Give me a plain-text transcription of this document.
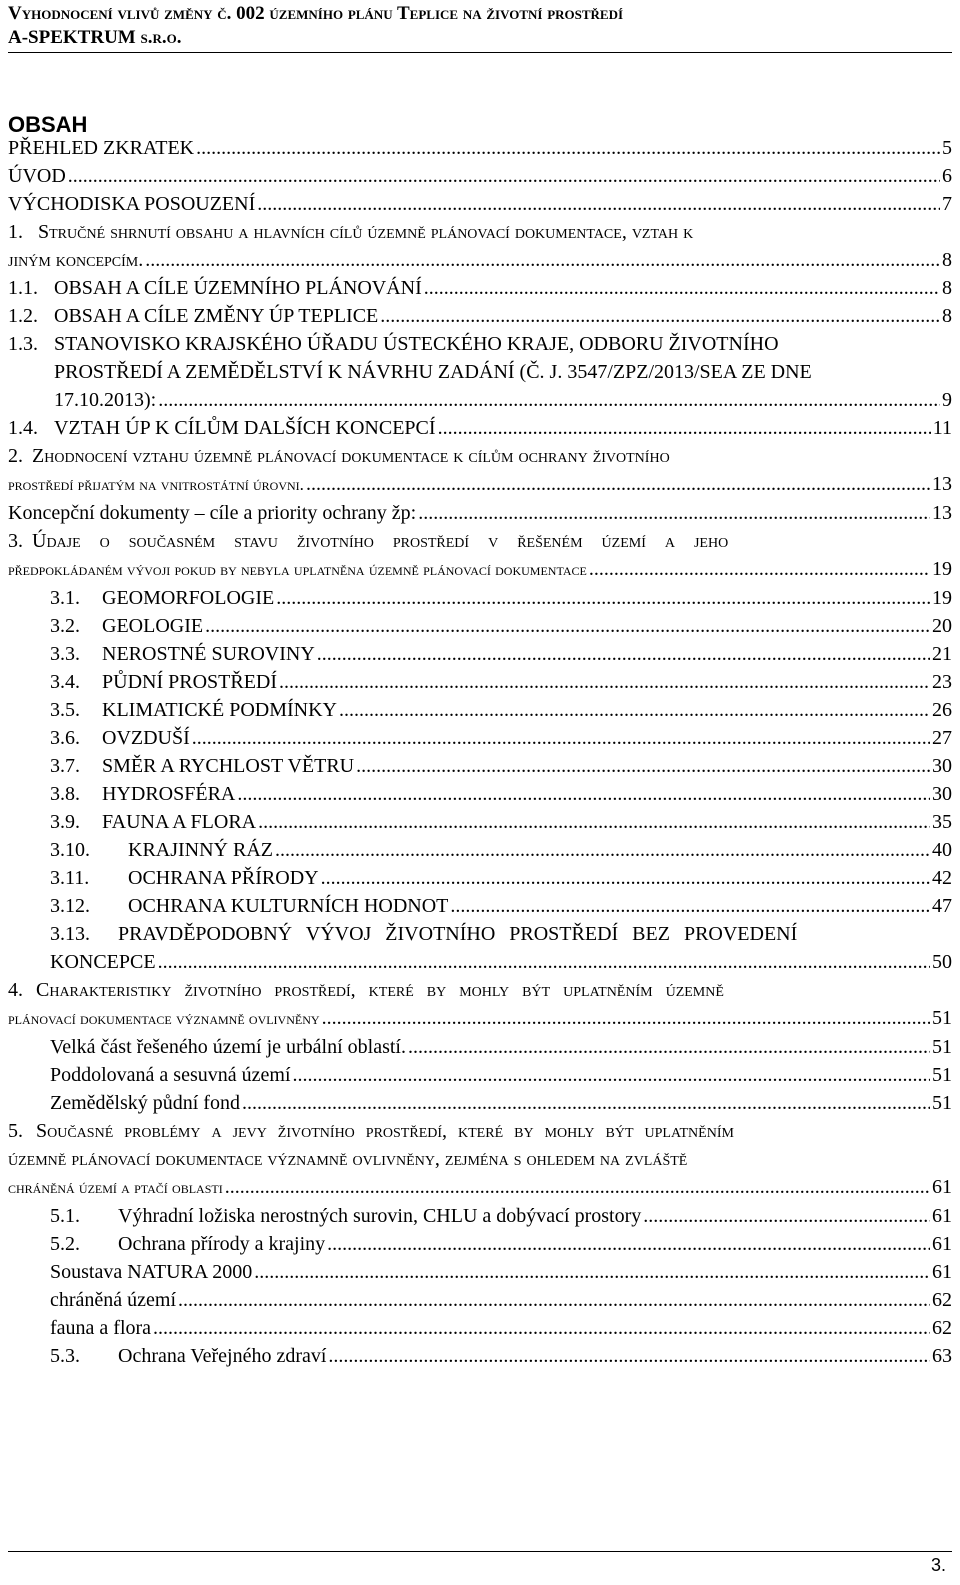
Vyhodnocení vlivů změny č. 002 územního plánu Teplice na životní prostředí
A-SPEKTRUM s.r.o.
OBSAH
PŘEHLED ZKRATEK .....	5
ÚVOD .....	6
VÝCHODISKA POSOUZENÍ .....	7
1. Stručné shrnutí obsahu a hlavních cílů územně plánovací dokumentace, vztah k
jiným koncepcím. .....	8
1.1. OBSAH A CÍLE ÚZEMNÍHO PLÁNOVÁNÍ .....	8
1.2. OBSAH A CÍLE ZMĚNY ÚP TEPLICE .....	8
1.3. STANOVISKO KRAJSKÉHO ÚŘADU ÚSTECKÉHO KRAJE, ODBORU ŽIVOTNÍHO
PROSTŘEDÍ A ZEMĚDĚLSTVÍ K NÁVRHU ZADÁNÍ (Č. J. 3547/ZPZ/2013/SEA ZE DNE
17.10.2013): .....	9
1.4. VZTAH ÚP K CÍLŮM DALŠÍCH KONCEPCÍ .....	11
2. Zhodnocení vztahu územně plánovací dokumentace k cílům ochrany životního
prostředí přijatým na vnitrostátní úrovni. .....	13
Koncepční dokumenty – cíle a priority ochrany žp: .....	13
3. Údaje o současném stavu životního prostředí v řešeném území a jeho
předpokládaném vývoji pokud by nebyla uplatněna územně plánovací dokumentace .....	19
3.1.	GEOMORFOLOGIE .....	19
3.2.	GEOLOGIE .....	20
3.3.	NEROSTNÉ SUROVINY .....	21
3.4.	PŮDNÍ PROSTŘEDÍ .....	23
3.5.	KLIMATICKÉ PODMÍNKY .....	26
3.6.	OVZDUŠÍ .....	27
3.7.	SMĚR A RYCHLOST VĚTRU .....	30
3.8.	HYDROSFÉRA .....	30
3.9.	FAUNA A FLORA .....	35
3.10.	KRAJINNÝ RÁZ .....	40
3.11.	OCHRANA PŘÍRODY .....	42
3.12.	OCHRANA KULTURNÍCH HODNOT .....	47
3.13.	PRAVDĚPODOBNÝ VÝVOJ ŽIVOTNÍHO PROSTŘEDÍ BEZ PROVEDENÍ
KONCEPCE .....	50
4. Charakteristiky životního prostředí, které by mohly být uplatněním územně
plánovací dokumentace významně ovlivněny .....	51
Velká část řešeného území je urbální oblastí. .....	51
Poddolovaná a sesuvná území .....	51
Zemědělský půdní fond .....	51
5. Současné problémy a jevy životního prostředí, které by mohly být uplatněním
územně plánovací dokumentace významně ovlivněny, zejména s ohledem na zvláště
chráněná území a ptačí oblasti .....	61
5.1.	Výhradní ložiska nerostných surovin, CHLU a dobývací prostory .....	61
5.2.	Ochrana přírody a krajiny .....	61
Soustava NATURA 2000 .....	61
chráněná území .....	62
fauna a flora .....	62
5.3.	Ochrana Veřejného zdraví .....	63
3.
